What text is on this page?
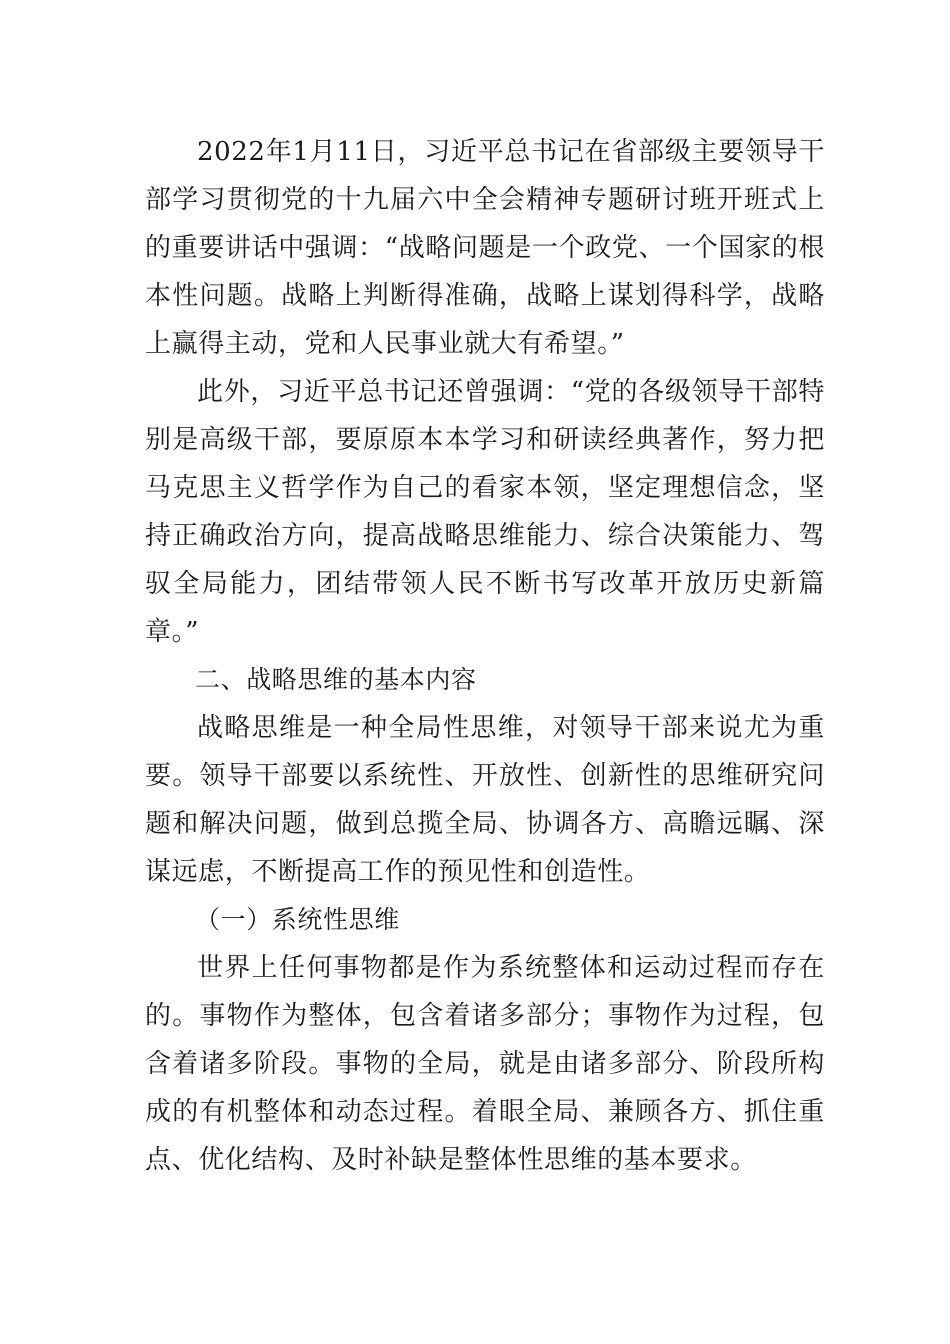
2022年1月11日，习近平总书记在省部级主要领导干部学习贯彻党的十九届六中全会精神专题研讨班开班式上的重要讲话中强调：“战略问题是一个政党、一个国家的根本性问题。战略上判断得准确，战略上谋划得科学，战略上赢得主动，党和人民事业就大有希望。”

此外，习近平总书记还曾强调：“党的各级领导干部特别是高级干部，要原原本本学习和研读经典著作，努力把马克思主义哲学作为自己的看家本领，坚定理想信念，坚持正确政治方向，提高战略思维能力、综合决策能力、驾驭全局能力，团结带领人民不断书写改革开放历史新篇章。”

二、战略思维的基本内容

战略思维是一种全局性思维，对领导干部来说尤为重要。领导干部要以系统性、开放性、创新性的思维研究问题和解决问题，做到总揽全局、协调各方、高瞻远瞩、深谋远虑，不断提高工作的预见性和创造性。

（一）系统性思维

世界上任何事物都是作为系统整体和运动过程而存在的。事物作为整体，包含着诸多部分；事物作为过程，包含着诸多阶段。事物的全局，就是由诸多部分、阶段所构成的有机整体和动态过程。着眼全局、兼顾各方、抓住重点、优化结构、及时补缺是整体性思维的基本要求。
